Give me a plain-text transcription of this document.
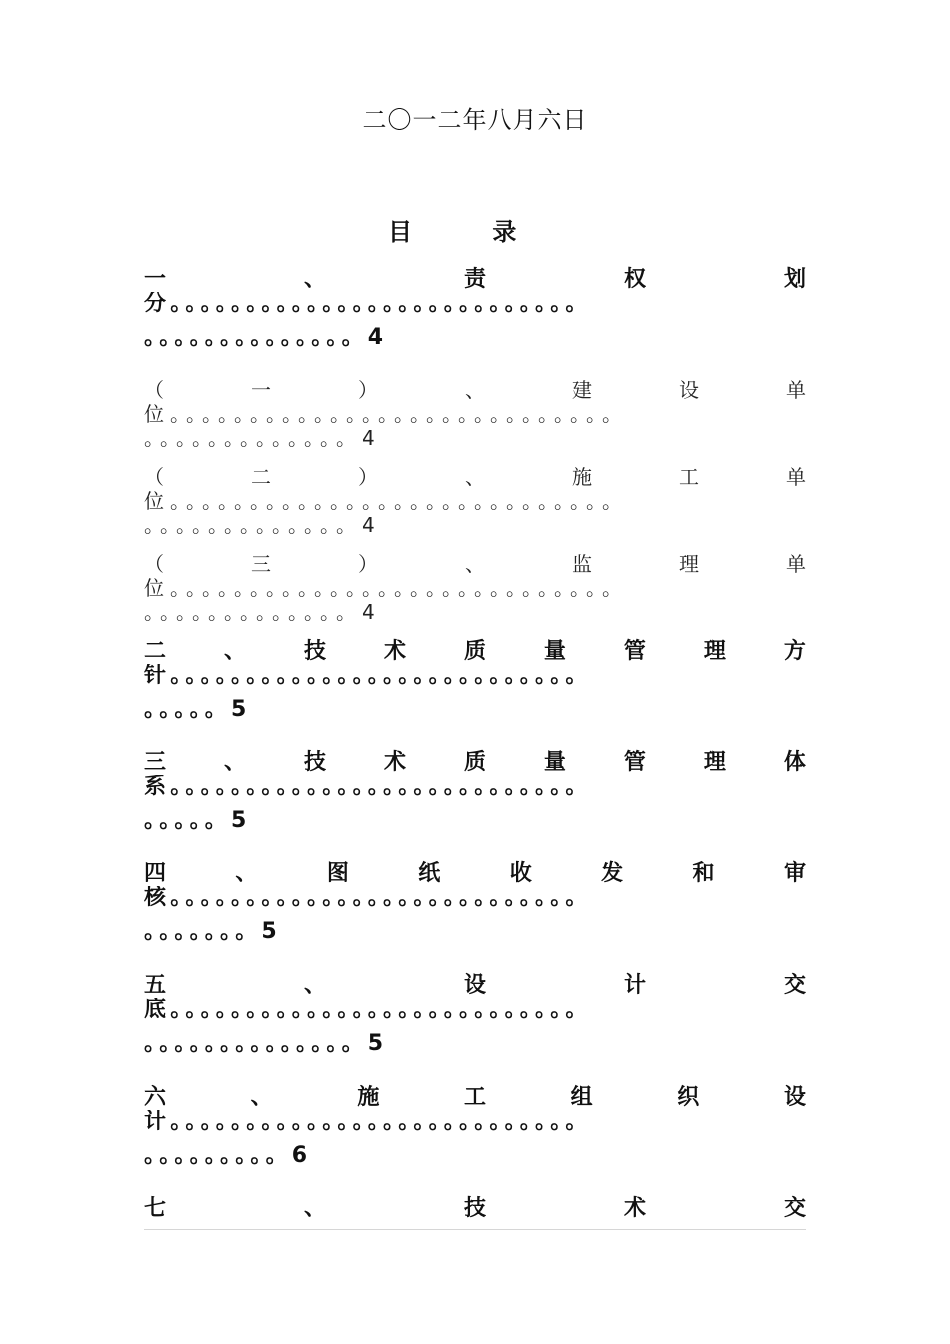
二〇一二年八月六日
目 录
一	、	责	权	划
分。。。。。。。。。。。。。。。。。。。。。。。。。。。
。。。。。。。。。。。。。。4
（	一	）	、	建	设	单
位。。。。。。。。。。。。。。。。。。。。。。。。。。。。
。。。。。。。。。。。。。4
（	二	）	、	施	工	单
位。。。。。。。。。。。。。。。。。。。。。。。。。。。。
。。。。。。。。。。。。。4
（	三	）	、	监	理	单
位。。。。。。。。。。。。。。。。。。。。。。。。。。。。
。。。。。。。。。。。。。4
二	、	技	术	质	量	管	理	方
针。。。。。。。。。。。。。。。。。。。。。。。。。。。
。。。。。5
三	、	技	术	质	量	管	理	体
系。。。。。。。。。。。。。。。。。。。。。。。。。。。
。。。。。5
四	、	图	纸	收	发	和	审
核。。。。。。。。。。。。。。。。。。。。。。。。。。。
。。。。。。。5
五	、	设	计	交
底。。。。。。。。。。。。。。。。。。。。。。。。。。。
。。。。。。。。。。。。。。5
六	、	施	工	组	织	设
计。。。。。。。。。。。。。。。。。。。。。。。。。。。
。。。。。。。。。6
七	、	技	术	交
